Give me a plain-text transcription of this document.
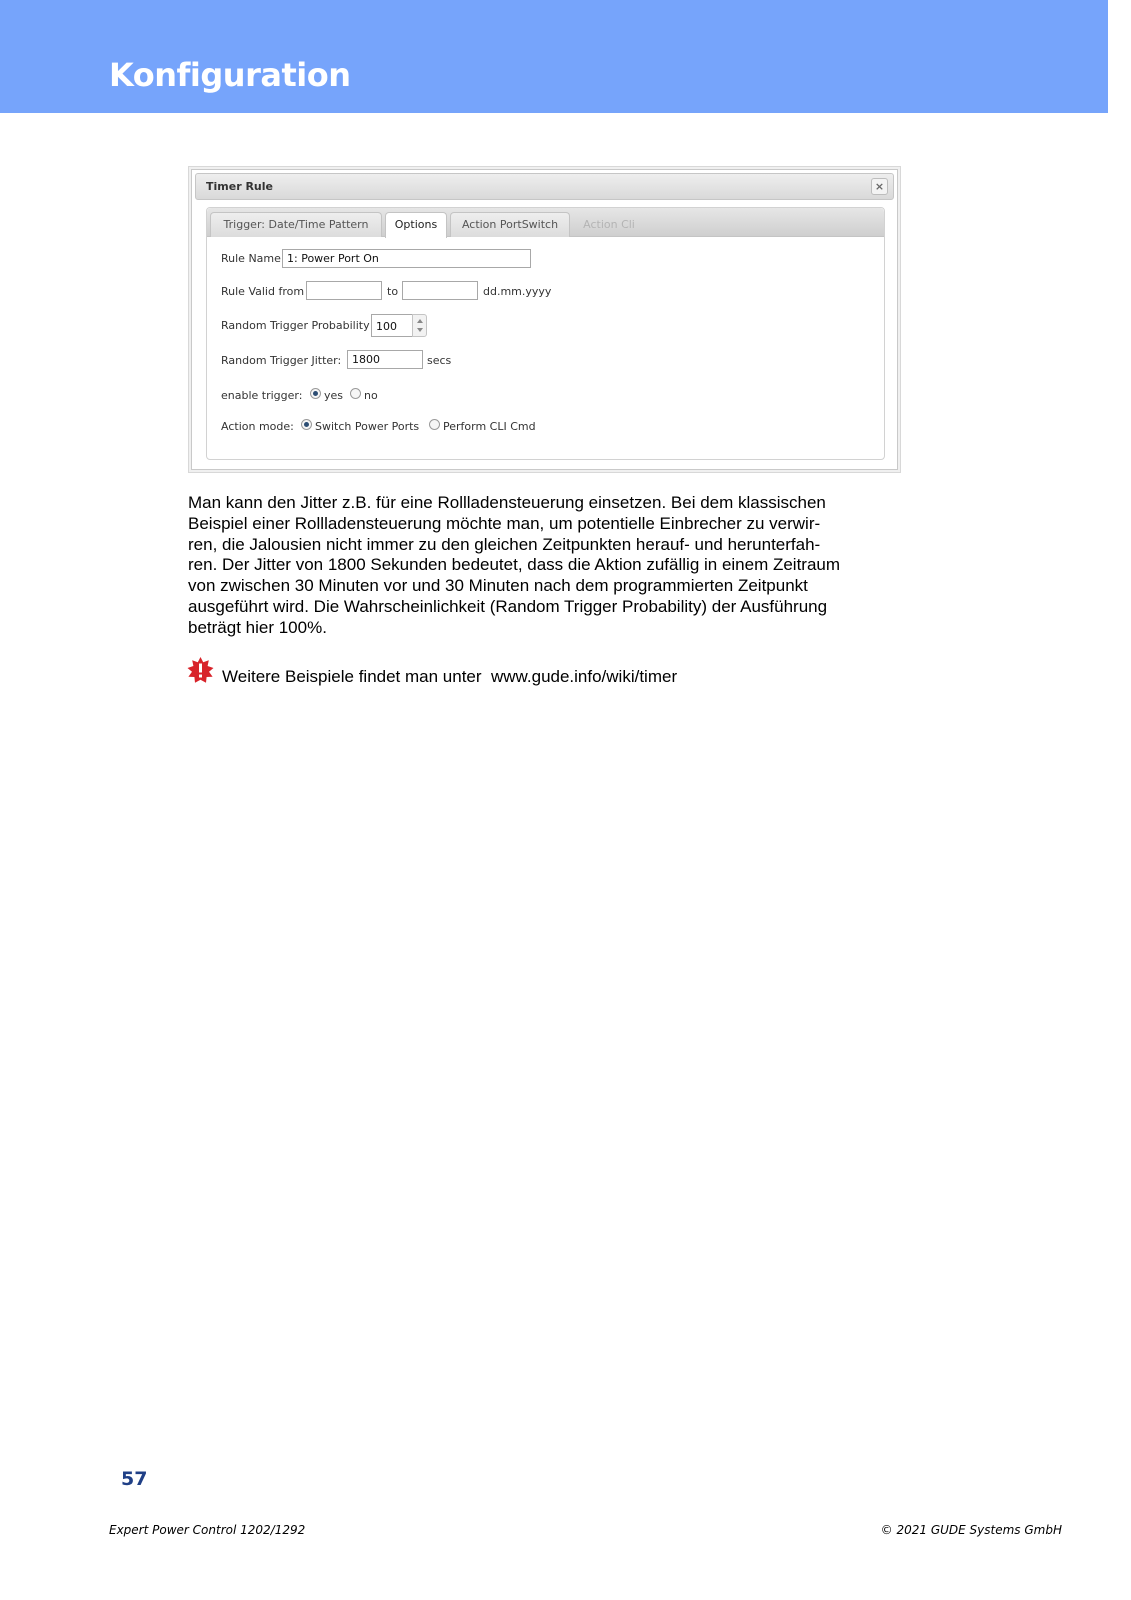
Konfiguration
Timer Rule	×
Trigger: Date/Time Pattern	Options	Action PortSwitch	Action Cli
Rule Name 1: Power Port On
Rule Valid from	to	dd.mm.yyyy
Random Trigger Probability 100
Random Trigger Jitter: 1800	secs
enable trigger: yes no
Action mode: Switch Power Ports Perform CLI Cmd

Man kann den Jitter z.B. für eine Rollladensteuerung einsetzen. Bei dem klassischen

Beispiel einer Rollladensteuerung möchte man, um potentielle Einbrecher zu verwir-

ren, die Jalousien nicht immer zu den gleichen Zeitpunkten herauf- und herunterfah-

ren. Der Jitter von 1800 Sekunden bedeutet, dass die Aktion zufällig in einem Zeitraum

von zwischen 30 Minuten vor und 30 Minuten nach dem programmierten Zeitpunkt

ausgeführt wird. Die Wahrscheinlichkeit (Random Trigger Probability) der Ausführung

beträgt hier 100%.

Weitere Beispiele findet man unter  www.gude.info/wiki/timer
57
Expert Power Control 1202/1292	© 2021 GUDE Systems GmbH
